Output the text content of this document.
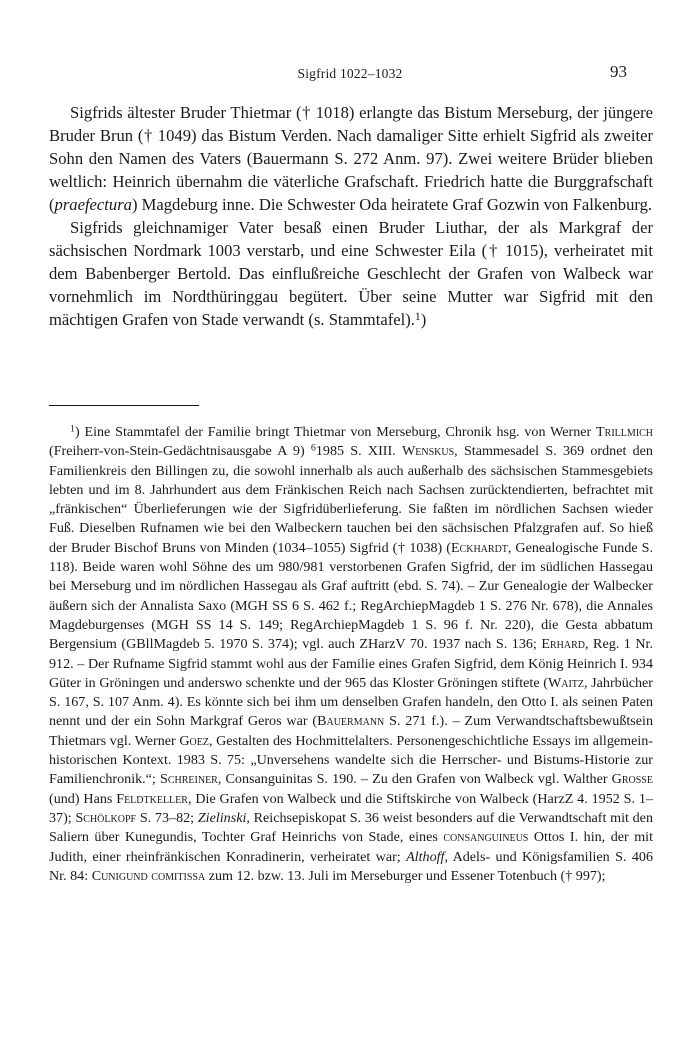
Sigfrid 1022–1032	93

Sigfrids ältester Bruder Thietmar († 1018) erlangte das Bistum Merseburg, der jüngere Bruder Brun († 1049) das Bistum Verden. Nach damaliger Sitte erhielt Sigfrid als zweiter Sohn den Namen des Vaters (Bauermann S. 272 Anm. 97). Zwei weitere Brüder blieben weltlich: Heinrich übernahm die väterliche Grafschaft. Friedrich hatte die Burggrafschaft (praefectura) Magdeburg inne. Die Schwester Oda heiratete Graf Gozwin von Falkenburg.

Sigfrids gleichnamiger Vater besaß einen Bruder Liuthar, der als Markgraf der sächsischen Nordmark 1003 verstarb, und eine Schwester Eila († 1015), verheiratet mit dem Babenberger Bertold. Das einflußreiche Geschlecht der Grafen von Walbeck war vornehmlich im Nordthüringgau begütert. Über seine Mutter war Sigfrid mit den mächtigen Grafen von Stade verwandt (s. Stammtafel).$^1$)

$^1$) Eine Stammtafel der Familie bringt Thietmar von Merseburg, Chronik hsg. von Werner Trillmich (Freiherr-von-Stein-Gedächtnisausgabe A 9) $^6$1985 S. XIII. Wenskus, Stammesadel S. 369 ordnet den Familienkreis den Billingen zu, die sowohl innerhalb als auch außerhalb des sächsischen Stammesgebiets lebten und im 8. Jahrhundert aus dem Fränkischen Reich nach Sachsen zurücktendierten, befrachtet mit „fränkischen“ Überlieferungen wie der Sigfridüberlieferung. Sie faßten im nördlichen Sachsen wieder Fuß. Dieselben Rufnamen wie bei den Walbeckern tauchen bei den sächsischen Pfalzgrafen auf. So hieß der Bruder Bischof Bruns von Minden (1034–1055) Sigfrid († 1038) (Eckhardt, Genealogische Funde S. 118). Beide waren wohl Söhne des um 980/981 verstorbenen Grafen Sigfrid, der im südlichen Hassegau bei Merseburg und im nördlichen Hassegau als Graf auftritt (ebd. S. 74). – Zur Genealogie der Walbecker äußern sich der Annalista Saxo (MGH SS 6 S. 462 f.; RegArchiepMagdeb 1 S. 276 Nr. 678), die Annales Magdeburgenses (MGH SS 14 S. 149; RegArchiepMagdeb 1 S. 96 f. Nr. 220), die Gesta abbatum Bergensium (GBllMagdeb 5. 1970 S. 374); vgl. auch ZHarzV 70. 1937 nach S. 136; Erhard, Reg. 1 Nr. 912. – Der Rufname Sigfrid stammt wohl aus der Familie eines Grafen Sigfrid, dem König Heinrich I. 934 Güter in Gröningen und anderswo schenkte und der 965 das Kloster Gröningen stiftete (Waitz, Jahrbücher S. 167, S. 107 Anm. 4). Es könnte sich bei ihm um denselben Grafen handeln, den Otto I. als seinen Paten nennt und der ein Sohn Markgraf Geros war (Bauermann S. 271 f.). – Zum Verwandtschaftsbewußtsein Thietmars vgl. Werner Goez, Gestalten des Hochmittelalters. Personengeschichtliche Essays im allgemein-historischen Kontext. 1983 S. 75: „Unversehens wandelte sich die Herrscher- und Bistums-Historie zur Familienchronik.“; Schreiner, Consanguinitas S. 190. – Zu den Grafen von Walbeck vgl. Walther Grosse (und) Hans Feldtkeller, Die Grafen von Walbeck und die Stiftskirche von Walbeck (HarzZ 4. 1952 S. 1–37); Schölkopf S. 73–82; Zielinski, Reichsepiskopat S. 36 weist besonders auf die Verwandtschaft mit den Saliern über Kunegundis, Tochter Graf Heinrichs von Stade, eines consanguineus Ottos I. hin, der mit Judith, einer rheinfränkischen Konradinerin, verheiratet war; Althoff, Adels- und Königsfamilien S. 406 Nr. 84: Cunigund comitissa zum 12. bzw. 13. Juli im Merseburger und Essener Totenbuch († 997);
